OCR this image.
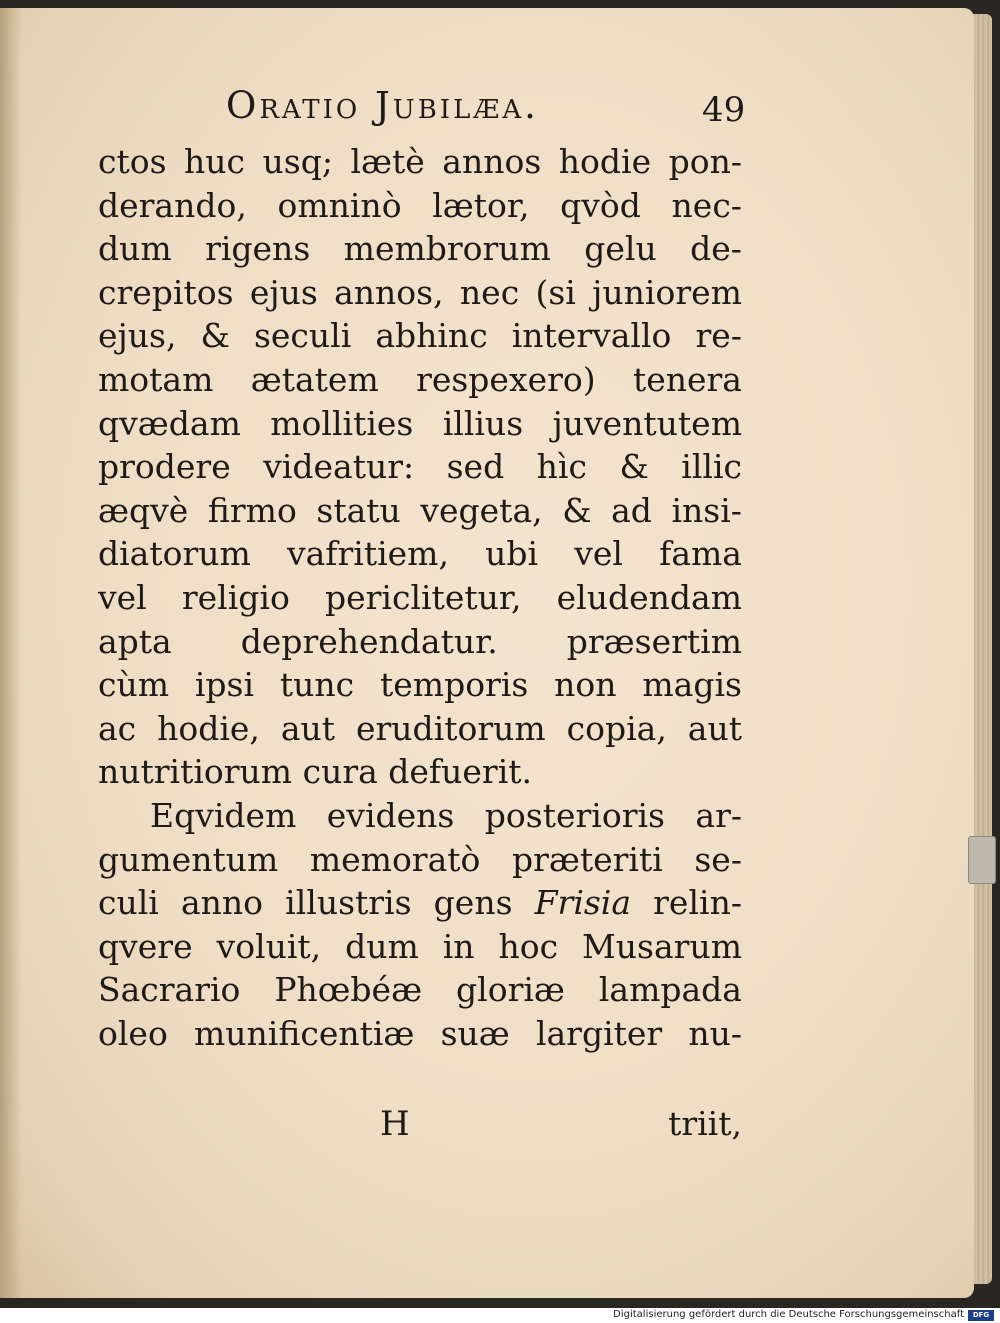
Oratio Jubilæa.	49
ctos huc usq; lætè annos hodie pon-
derando, omninò lætor, qvòd nec-
dum rigens membrorum gelu de-
crepitos ejus annos, nec (si juniorem
ejus, & seculi abhinc intervallo re-
motam ætatem respexero) tenera
qvædam mollities illius juventutem
prodere videatur: sed hìc & illic
æqvè firmo statu vegeta, & ad insi-
diatorum vafritiem, ubi vel fama
vel religio periclitetur, eludendam
apta deprehendatur. præsertim
cùm ipsi tunc temporis non magis
ac hodie, aut eruditorum copia, aut
nutritiorum cura defuerit.
Eqvidem evidens posterioris ar-
gumentum memoratò præteriti se-
culi anno illustris gens Frisia relin-
qvere voluit, dum in hoc Musarum
Sacrario Phœbéæ gloriæ lampada
oleo munificentiæ suæ largiter nu-
H	triit,
Digitalisierung gefördert durch die Deutsche Forschungsgemeinschaft	DFG
